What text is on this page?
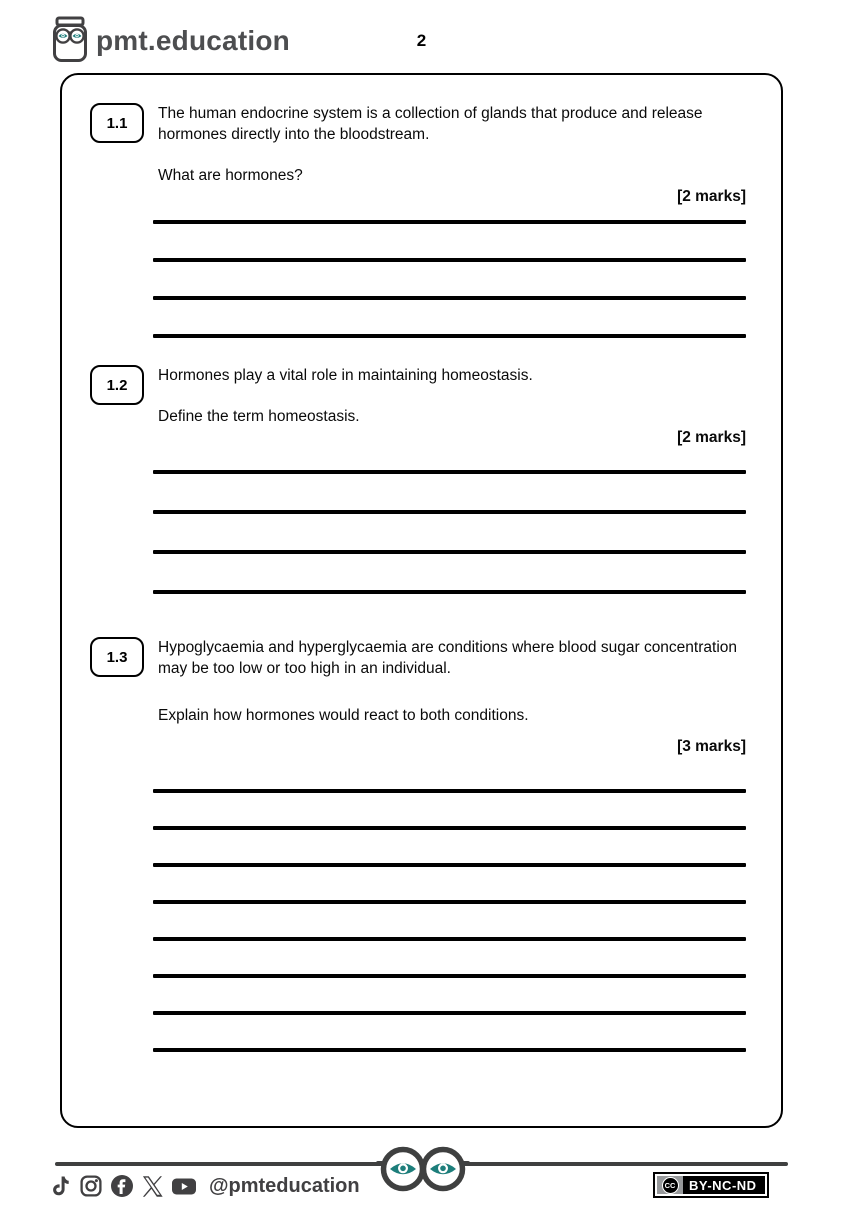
pmt.education	2
1.1

The human endocrine system is a collection of glands that produce and release hormones directly into the bloodstream.

What are hormones?

[2 marks]

1.2

Hormones play a vital role in maintaining homeostasis.

Define the term homeostasis.

[2 marks]

1.3

Hypoglycaemia and hyperglycaemia are conditions where blood sugar concentration may be too low or too high in an individual.

Explain how hormones would react to both conditions.

[3 marks]

@pmteducation	CC BY-NC-ND
